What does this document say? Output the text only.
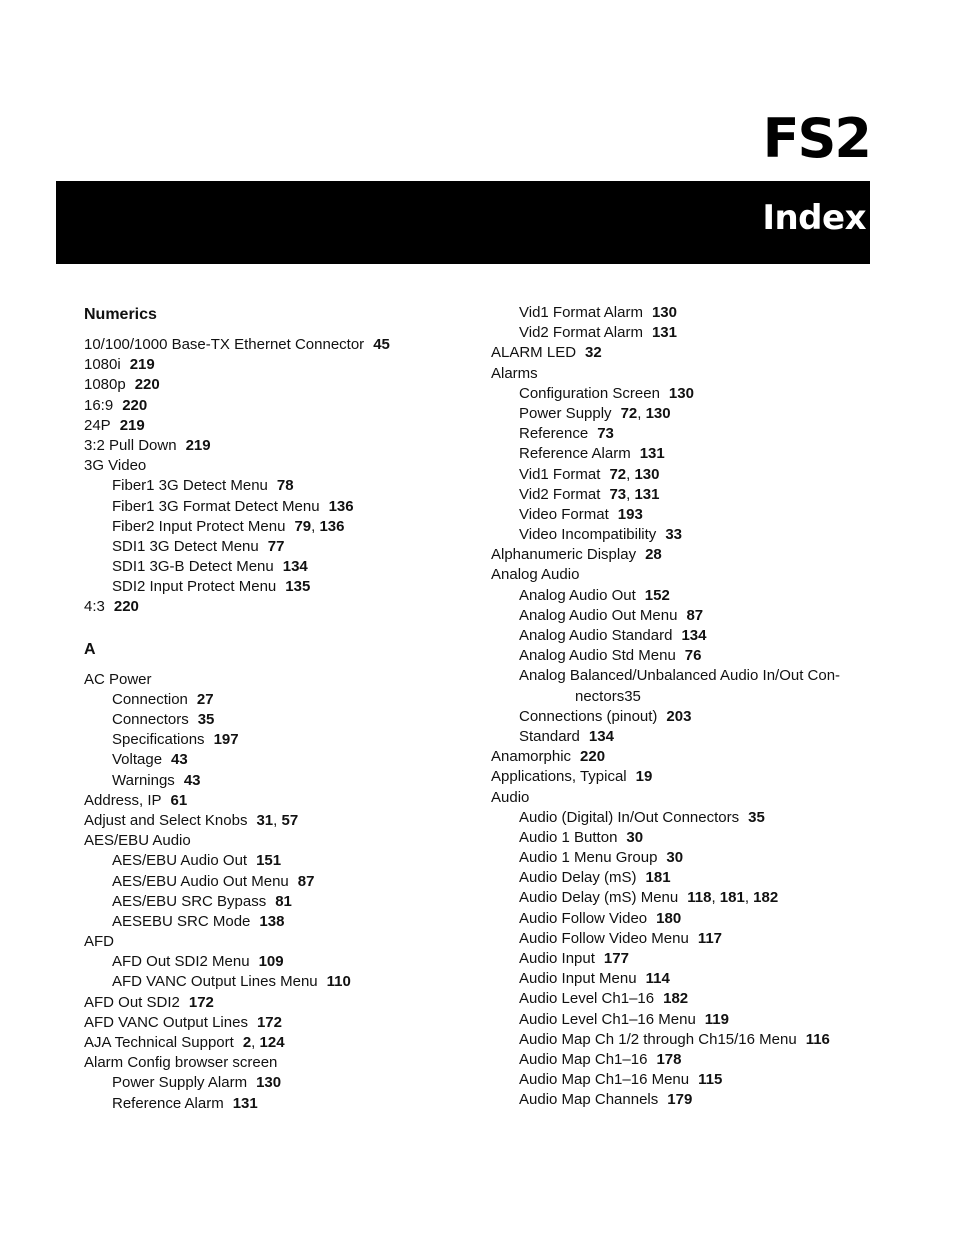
FS2
Index
Numerics
10/100/1000 Base-TX Ethernet Connector 45
1080i 219
1080p 220
16:9 220
24P 219
3:2 Pull Down 219
3G Video
Fiber1 3G Detect Menu 78
Fiber1 3G Format Detect Menu 136
Fiber2 Input Protect Menu 79, 136
SDI1 3G Detect Menu 77
SDI1 3G-B Detect Menu 134
SDI2 Input Protect Menu 135
4:3 220
A
AC Power
Connection 27
Connectors 35
Specifications 197
Voltage 43
Warnings 43
Address, IP 61
Adjust and Select Knobs 31, 57
AES/EBU Audio
AES/EBU Audio Out 151
AES/EBU Audio Out Menu 87
AES/EBU SRC Bypass 81
AESEBU SRC Mode 138
AFD
AFD Out SDI2 Menu 109
AFD VANC Output Lines Menu 110
AFD Out SDI2 172
AFD VANC Output Lines 172
AJA Technical Support 2, 124
Alarm Config browser screen
Power Supply Alarm 130
Reference Alarm 131
Vid1 Format Alarm 130
Vid2 Format Alarm 131
ALARM LED 32
Alarms
Configuration Screen 130
Power Supply 72, 130
Reference 73
Reference Alarm 131
Vid1 Format 72, 130
Vid2 Format 73, 131
Video Format 193
Video Incompatibility 33
Alphanumeric Display 28
Analog Audio
Analog Audio Out 152
Analog Audio Out Menu 87
Analog Audio Standard 134
Analog Audio Std Menu 76
Analog Balanced/Unbalanced Audio In/Out Con-
nectors35
Connections (pinout) 203
Standard 134
Anamorphic 220
Applications, Typical 19
Audio
Audio (Digital) In/Out Connectors 35
Audio 1 Button 30
Audio 1 Menu Group 30
Audio Delay (mS) 181
Audio Delay (mS) Menu 118, 181, 182
Audio Follow Video 180
Audio Follow Video Menu 117
Audio Input 177
Audio Input Menu 114
Audio Level Ch1–16 182
Audio Level Ch1–16 Menu 119
Audio Map Ch 1/2 through Ch15/16 Menu 116
Audio Map Ch1–16 178
Audio Map Ch1–16 Menu 115
Audio Map Channels 179
